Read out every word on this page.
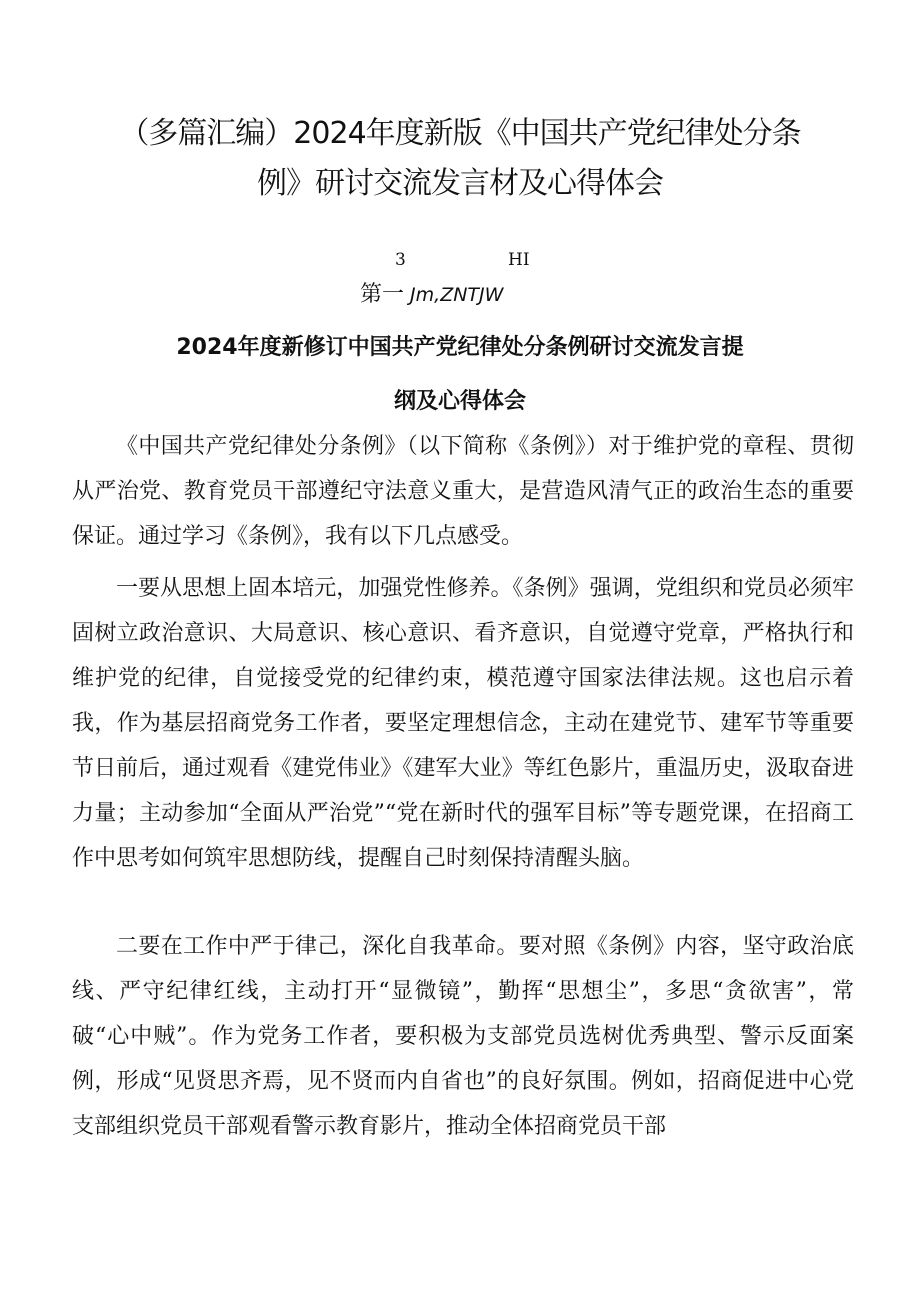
（多篇汇编）2024年度新版《中国共产党纪律处分条
例》研讨交流发言材及心得体会
3	HI
第一 Jm,ZNTJW
2024年度新修订中国共产党纪律处分条例研讨交流发言提
纲及心得体会

《中国共产党纪律处分条例》（以下简称《条例》）对于维护党的章程、贯彻从严治党、教育党员干部遵纪守法意义重大，是营造风清气正的政治生态的重要保证。通过学习《条例》，我有以下几点感受。

一要从思想上固本培元，加强党性修养。《条例》强调，党组织和党员必须牢固树立政治意识、大局意识、核心意识、看齐意识，自觉遵守党章，严格执行和维护党的纪律，自觉接受党的纪律约束，模范遵守国家法律法规。这也启示着我，作为基层招商党务工作者，要坚定理想信念，主动在建党节、建军节等重要节日前后，通过观看《建党伟业》《建军大业》等红色影片，重温历史，汲取奋进力量；主动参加“全面从严治党”“党在新时代的强军目标”等专题党课，在招商工作中思考如何筑牢思想防线，提醒自己时刻保持清醒头脑。

二要在工作中严于律己，深化自我革命。要对照《条例》内容，坚守政治底线、严守纪律红线，主动打开“显微镜”，勤挥“思想尘”，多思“贪欲害”，常破“心中贼”。作为党务工作者，要积极为支部党员选树优秀典型、警示反面案例，形成“见贤思齐焉，见不贤而内自省也”的良好氛围。例如，招商促进中心党支部组织党员干部观看警示教育影片，推动全体招商党员干部
